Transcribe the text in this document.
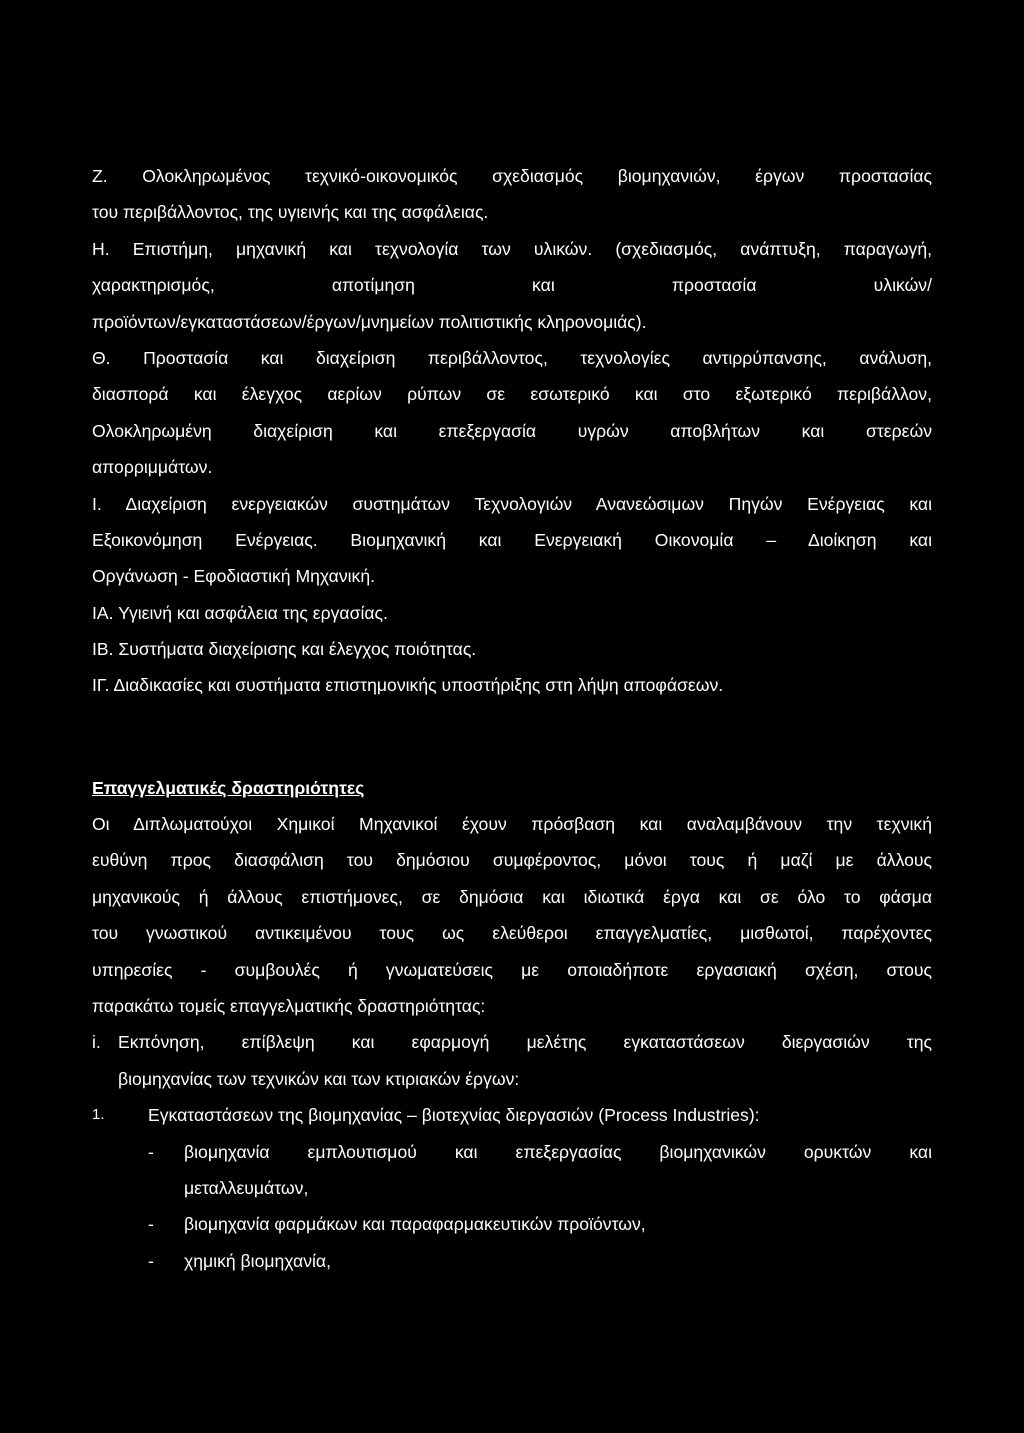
Ζ. Ολοκληρωμένος τεχνικό-οικονομικός σχεδιασμός βιομηχανιών, έργων προστασίας
του περιβάλλοντος, της υγιεινής και της ασφάλειας.
Η. Επιστήμη, μηχανική και τεχνολογία των υλικών. (σχεδιασμός, ανάπτυξη, παραγωγή,
χαρακτηρισμός, αποτίμηση και προστασία υλικών/
προϊόντων/εγκαταστάσεων/έργων/μνημείων πολιτιστικής κληρονομιάς).
Θ. Προστασία και διαχείριση περιβάλλοντος, τεχνολογίες αντιρρύπανσης, ανάλυση,
διασπορά και έλεγχος αερίων ρύπων σε εσωτερικό και στο εξωτερικό περιβάλλον,
Ολοκληρωμένη διαχείριση και επεξεργασία υγρών αποβλήτων και στερεών
απορριμμάτων.
Ι. Διαχείριση ενεργειακών συστημάτων Τεχνολογιών Ανανεώσιμων Πηγών Ενέργειας και
Εξοικονόμηση Ενέργειας. Βιομηχανική και Ενεργειακή Οικονομία – Διοίκηση και
Οργάνωση - Εφοδιαστική Μηχανική.
ΙΑ. Υγιεινή και ασφάλεια της εργασίας.
ΙΒ. Συστήματα διαχείρισης και έλεγχος ποιότητας.
ΙΓ. Διαδικασίες και συστήματα επιστημονικής υποστήριξης στη λήψη αποφάσεων.
Επαγγελματικές δραστηριότητες
Οι Διπλωματούχοι Χημικοί Μηχανικοί έχουν πρόσβαση και αναλαμβάνουν την τεχνική
ευθύνη προς διασφάλιση του δημόσιου συμφέροντος, μόνοι τους ή μαζί με άλλους
μηχανικούς ή άλλους επιστήμονες, σε δημόσια και ιδιωτικά έργα και σε όλο το φάσμα
του γνωστικού αντικειμένου τους ως ελεύθεροι επαγγελματίες, μισθωτοί, παρέχοντες
υπηρεσίες - συμβουλές ή γνωματεύσεις με οποιαδήποτε εργασιακή σχέση, στους
παρακάτω τομείς επαγγελματικής δραστηριότητας:
i. Εκπόνηση, επίβλεψη και εφαρμογή μελέτης εγκαταστάσεων διεργασιών της
βιομηχανίας των τεχνικών και των κτιριακών έργων:
1.	Εγκαταστάσεων της βιομηχανίας – βιοτεχνίας διεργασιών (Process Industries):
-	βιομηχανία εμπλουτισμού και επεξεργασίας βιομηχανικών ορυκτών και
μεταλλευμάτων,
-	βιομηχανία φαρμάκων και παραφαρμακευτικών προϊόντων,
-	χημική βιομηχανία,
